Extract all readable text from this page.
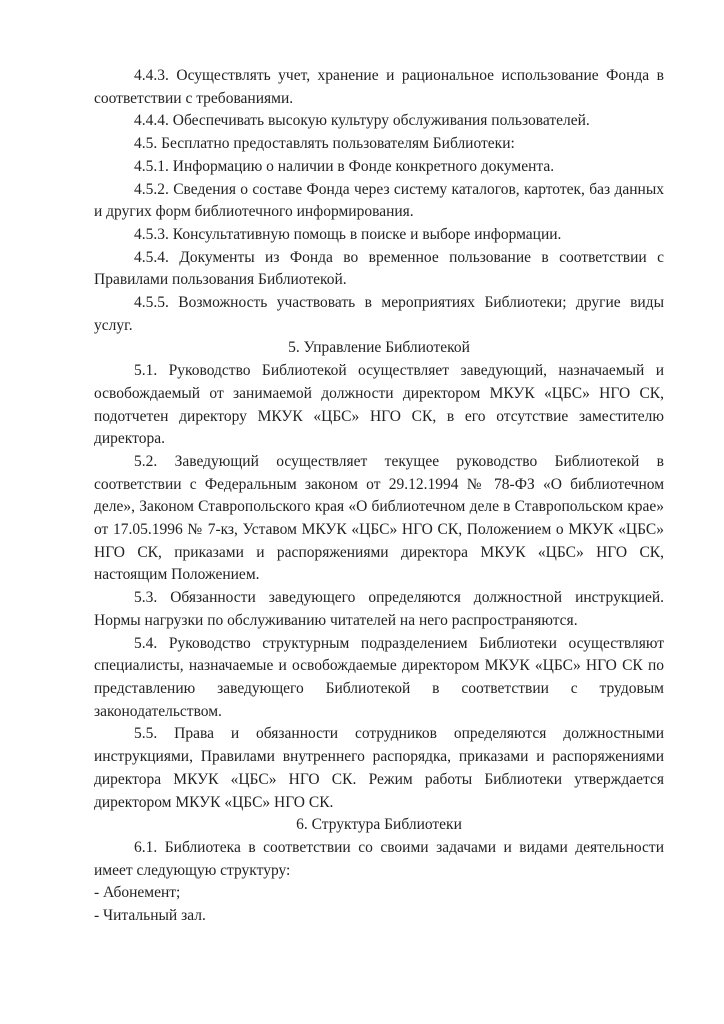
4.4.3. Осуществлять учет, хранение и рациональное использование Фонда в соответствии с требованиями.

4.4.4. Обеспечивать высокую культуру обслуживания пользователей.

4.5. Бесплатно предоставлять пользователям Библиотеки:

4.5.1. Информацию о наличии в Фонде конкретного документа.

4.5.2. Сведения о составе Фонда через систему каталогов, картотек, баз данных и других форм библиотечного информирования.

4.5.3. Консультативную помощь в поиске и выборе информации.

4.5.4. Документы из Фонда во временное пользование в соответствии с Правилами пользования Библиотекой.

4.5.5. Возможность участвовать в мероприятиях Библиотеки; другие виды услуг.

5. Управление Библиотекой

5.1. Руководство Библиотекой осуществляет заведующий, назначаемый и освобождаемый от занимаемой должности директором МКУК «ЦБС» НГО СК, подотчетен директору МКУК «ЦБС» НГО СК, в его отсутствие заместителю директора.

5.2. Заведующий осуществляет текущее руководство Библиотекой в соответствии с Федеральным законом от 29.12.1994 № 78-ФЗ «О библиотечном деле», Законом Ставропольского края «О библиотечном деле в Ставропольском крае» от 17.05.1996 № 7-кз, Уставом МКУК «ЦБС» НГО СК, Положением о МКУК «ЦБС» НГО СК, приказами и распоряжениями директора МКУК «ЦБС» НГО СК, настоящим Положением.

5.3. Обязанности заведующего определяются должностной инструкцией. Нормы нагрузки по обслуживанию читателей на него распространяются.

5.4. Руководство структурным подразделением Библиотеки осуществляют специалисты, назначаемые и освобождаемые директором МКУК «ЦБС» НГО СК по представлению заведующего Библиотекой в соответствии с трудовым законодательством.

5.5. Права и обязанности сотрудников определяются должностными инструкциями, Правилами внутреннего распорядка, приказами и распоряжениями директора МКУК «ЦБС» НГО СК. Режим работы Библиотеки утверждается директором МКУК «ЦБС» НГО СК.

6. Структура Библиотеки

6.1. Библиотека в соответствии со своими задачами и видами деятельности имеет следующую структуру:

- Абонемент;

- Читальный зал.
